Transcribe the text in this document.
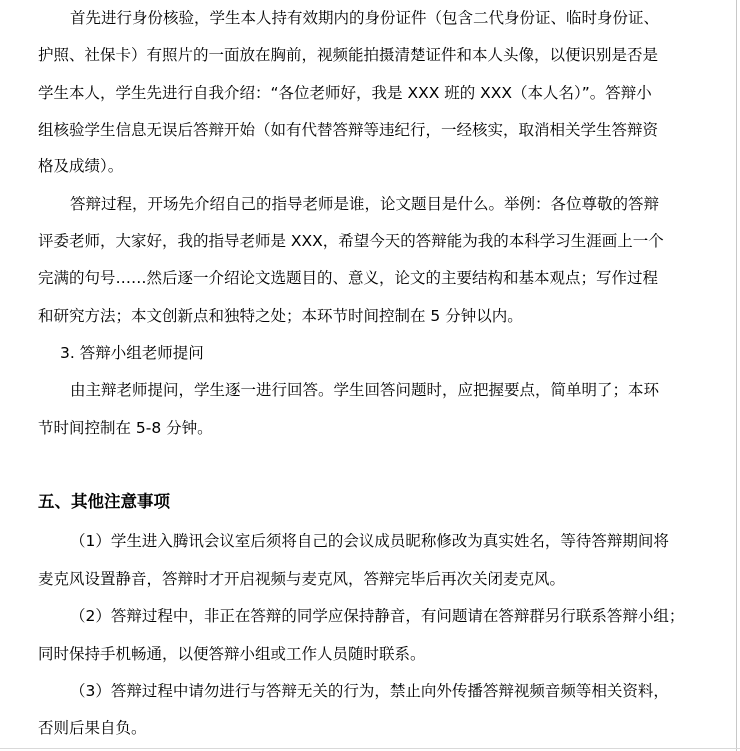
首先进行身份核验，学生本人持有效期内的身份证件（包含二代身份证、临时身份证、
护照、社保卡）有照片的一面放在胸前，视频能拍摄清楚证件和本人头像，以便识别是否是
学生本人，学生先进行自我介绍：“各位老师好，我是 XXX 班的 XXX（本人名）”。答辩小
组核验学生信息无误后答辩开始（如有代替答辩等违纪行，一经核实，取消相关学生答辩资
格及成绩）。
答辩过程，开场先介绍自己的指导老师是谁，论文题目是什么。举例：各位尊敬的答辩
评委老师，大家好，我的指导老师是 XXX，希望今天的答辩能为我的本科学习生涯画上一个
完满的句号……然后逐一介绍论文选题目的、意义，论文的主要结构和基本观点；写作过程
和研究方法；本文创新点和独特之处；本环节时间控制在 5 分钟以内。
3. 答辩小组老师提问
由主辩老师提问，学生逐一进行回答。学生回答问题时，应把握要点，简单明了；本环
节时间控制在 5-8 分钟。
五、其他注意事项
（1）学生进入腾讯会议室后须将自己的会议成员昵称修改为真实姓名，等待答辩期间将
麦克风设置静音，答辩时才开启视频与麦克风，答辩完毕后再次关闭麦克风。
（2）答辩过程中，非正在答辩的同学应保持静音，有问题请在答辩群另行联系答辩小组；
同时保持手机畅通，以便答辩小组或工作人员随时联系。
（3）答辩过程中请勿进行与答辩无关的行为，禁止向外传播答辩视频音频等相关资料，
否则后果自负。
